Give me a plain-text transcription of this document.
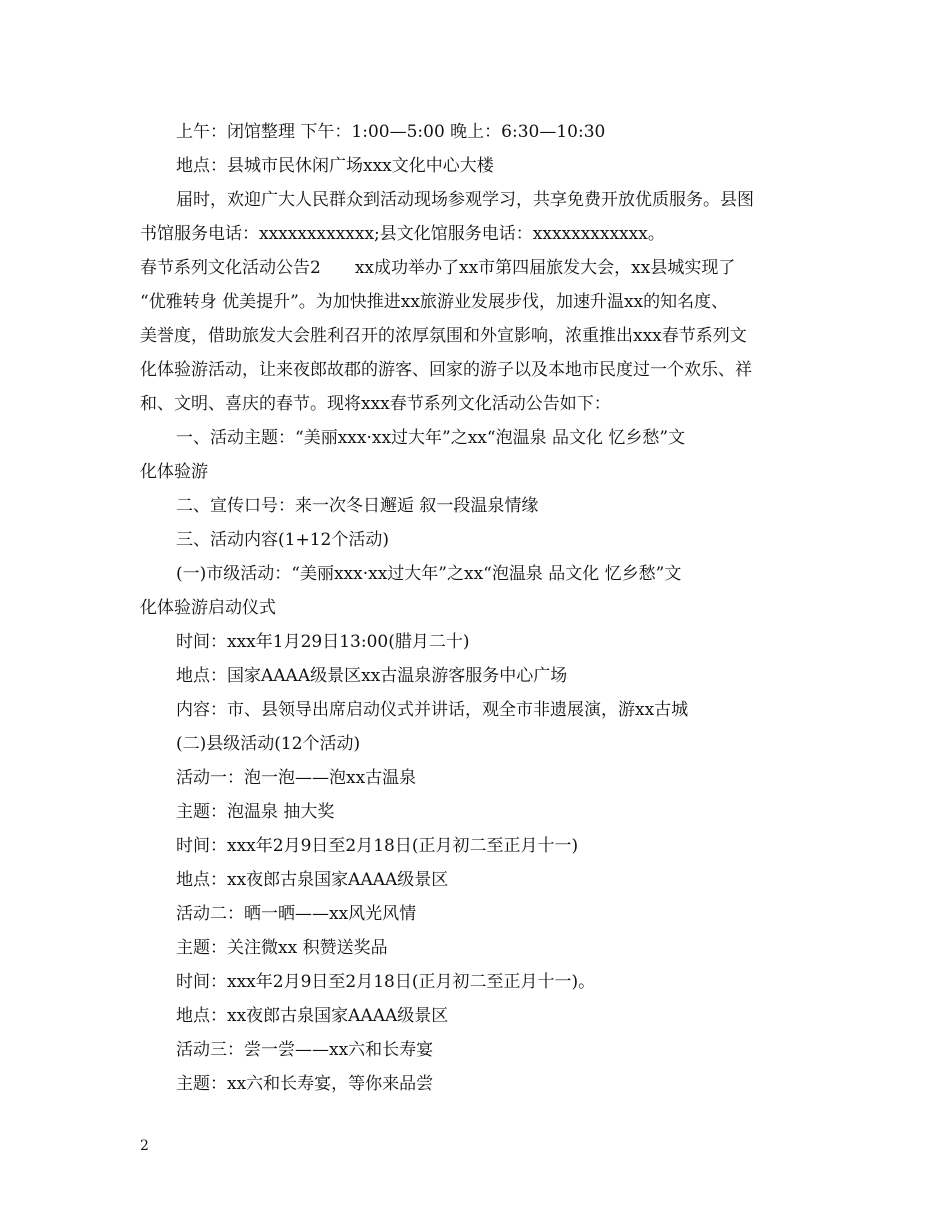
上午：闭馆整理 下午：1:00—5:00 晚上：6:30—10:30

地点：县城市民休闲广场xxx文化中心大楼

届时，欢迎广大人民群众到活动现场参观学习，共享免费开放优质服务。县图

书馆服务电话：xxxxxxxxxxxx;县文化馆服务电话：xxxxxxxxxxxx。

春节系列文化活动公告2　　xx成功举办了xx市第四届旅发大会，xx县城实现了

“优雅转身 优美提升”。为加快推进xx旅游业发展步伐，加速升温xx的知名度、

美誉度，借助旅发大会胜利召开的浓厚氛围和外宣影响，浓重推出xxx春节系列文

化体验游活动，让来夜郎故郡的游客、回家的游子以及本地市民度过一个欢乐、祥

和、文明、喜庆的春节。现将xxx春节系列文化活动公告如下：

一、活动主题：“美丽xxx·xx过大年”之xx“泡温泉 品文化 忆乡愁”文

化体验游

二、宣传口号：来一次冬日邂逅 叙一段温泉情缘

三、活动内容(1+12个活动)

(一)市级活动：“美丽xxx·xx过大年”之xx“泡温泉 品文化 忆乡愁”文

化体验游启动仪式

时间：xxx年1月29日13:00(腊月二十)

地点：国家AAAA级景区xx古温泉游客服务中心广场

内容：市、县领导出席启动仪式并讲话，观全市非遗展演，游xx古城

(二)县级活动(12个活动)

活动一：泡一泡——泡xx古温泉

主题：泡温泉 抽大奖

时间：xxx年2月9日至2月18日(正月初二至正月十一)

地点：xx夜郎古泉国家AAAA级景区

活动二：晒一晒——xx风光风情

主题：关注微xx 积赞送奖品

时间：xxx年2月9日至2月18日(正月初二至正月十一)。

地点：xx夜郎古泉国家AAAA级景区

活动三：尝一尝——xx六和长寿宴

主题：xx六和长寿宴，等你来品尝

2
